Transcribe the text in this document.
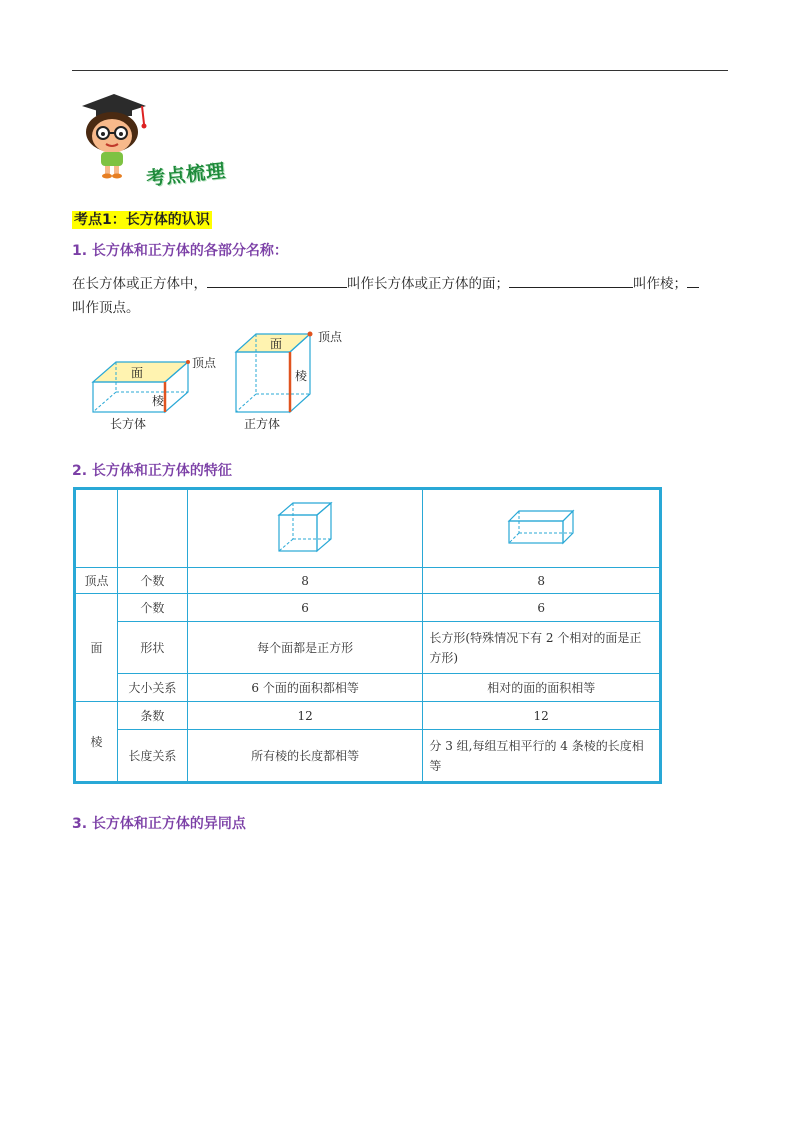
考点梳理
考点1：长方体的认识
1. 长方体和正方体的各部分名称：
在长方体或正方体中，	叫作长方体或正方体的面；	叫作棱；
叫作顶点。
面
顶点
棱
长方体
面	顶点
棱
正方体
2. 长方体和正方体的特征

顶点	个数	8	8
面	个数	6	6
	形状	每个面都是正方形	长方形(特殊情况下有 2 个相对的面是正方形)
	大小关系	6 个面的面积都相等	相对的面的面积相等
棱	条数	12	12
	长度关系	所有棱的长度都相等	分 3 组,每组互相平行的 4 条棱的长度相等
3. 长方体和正方体的异同点
